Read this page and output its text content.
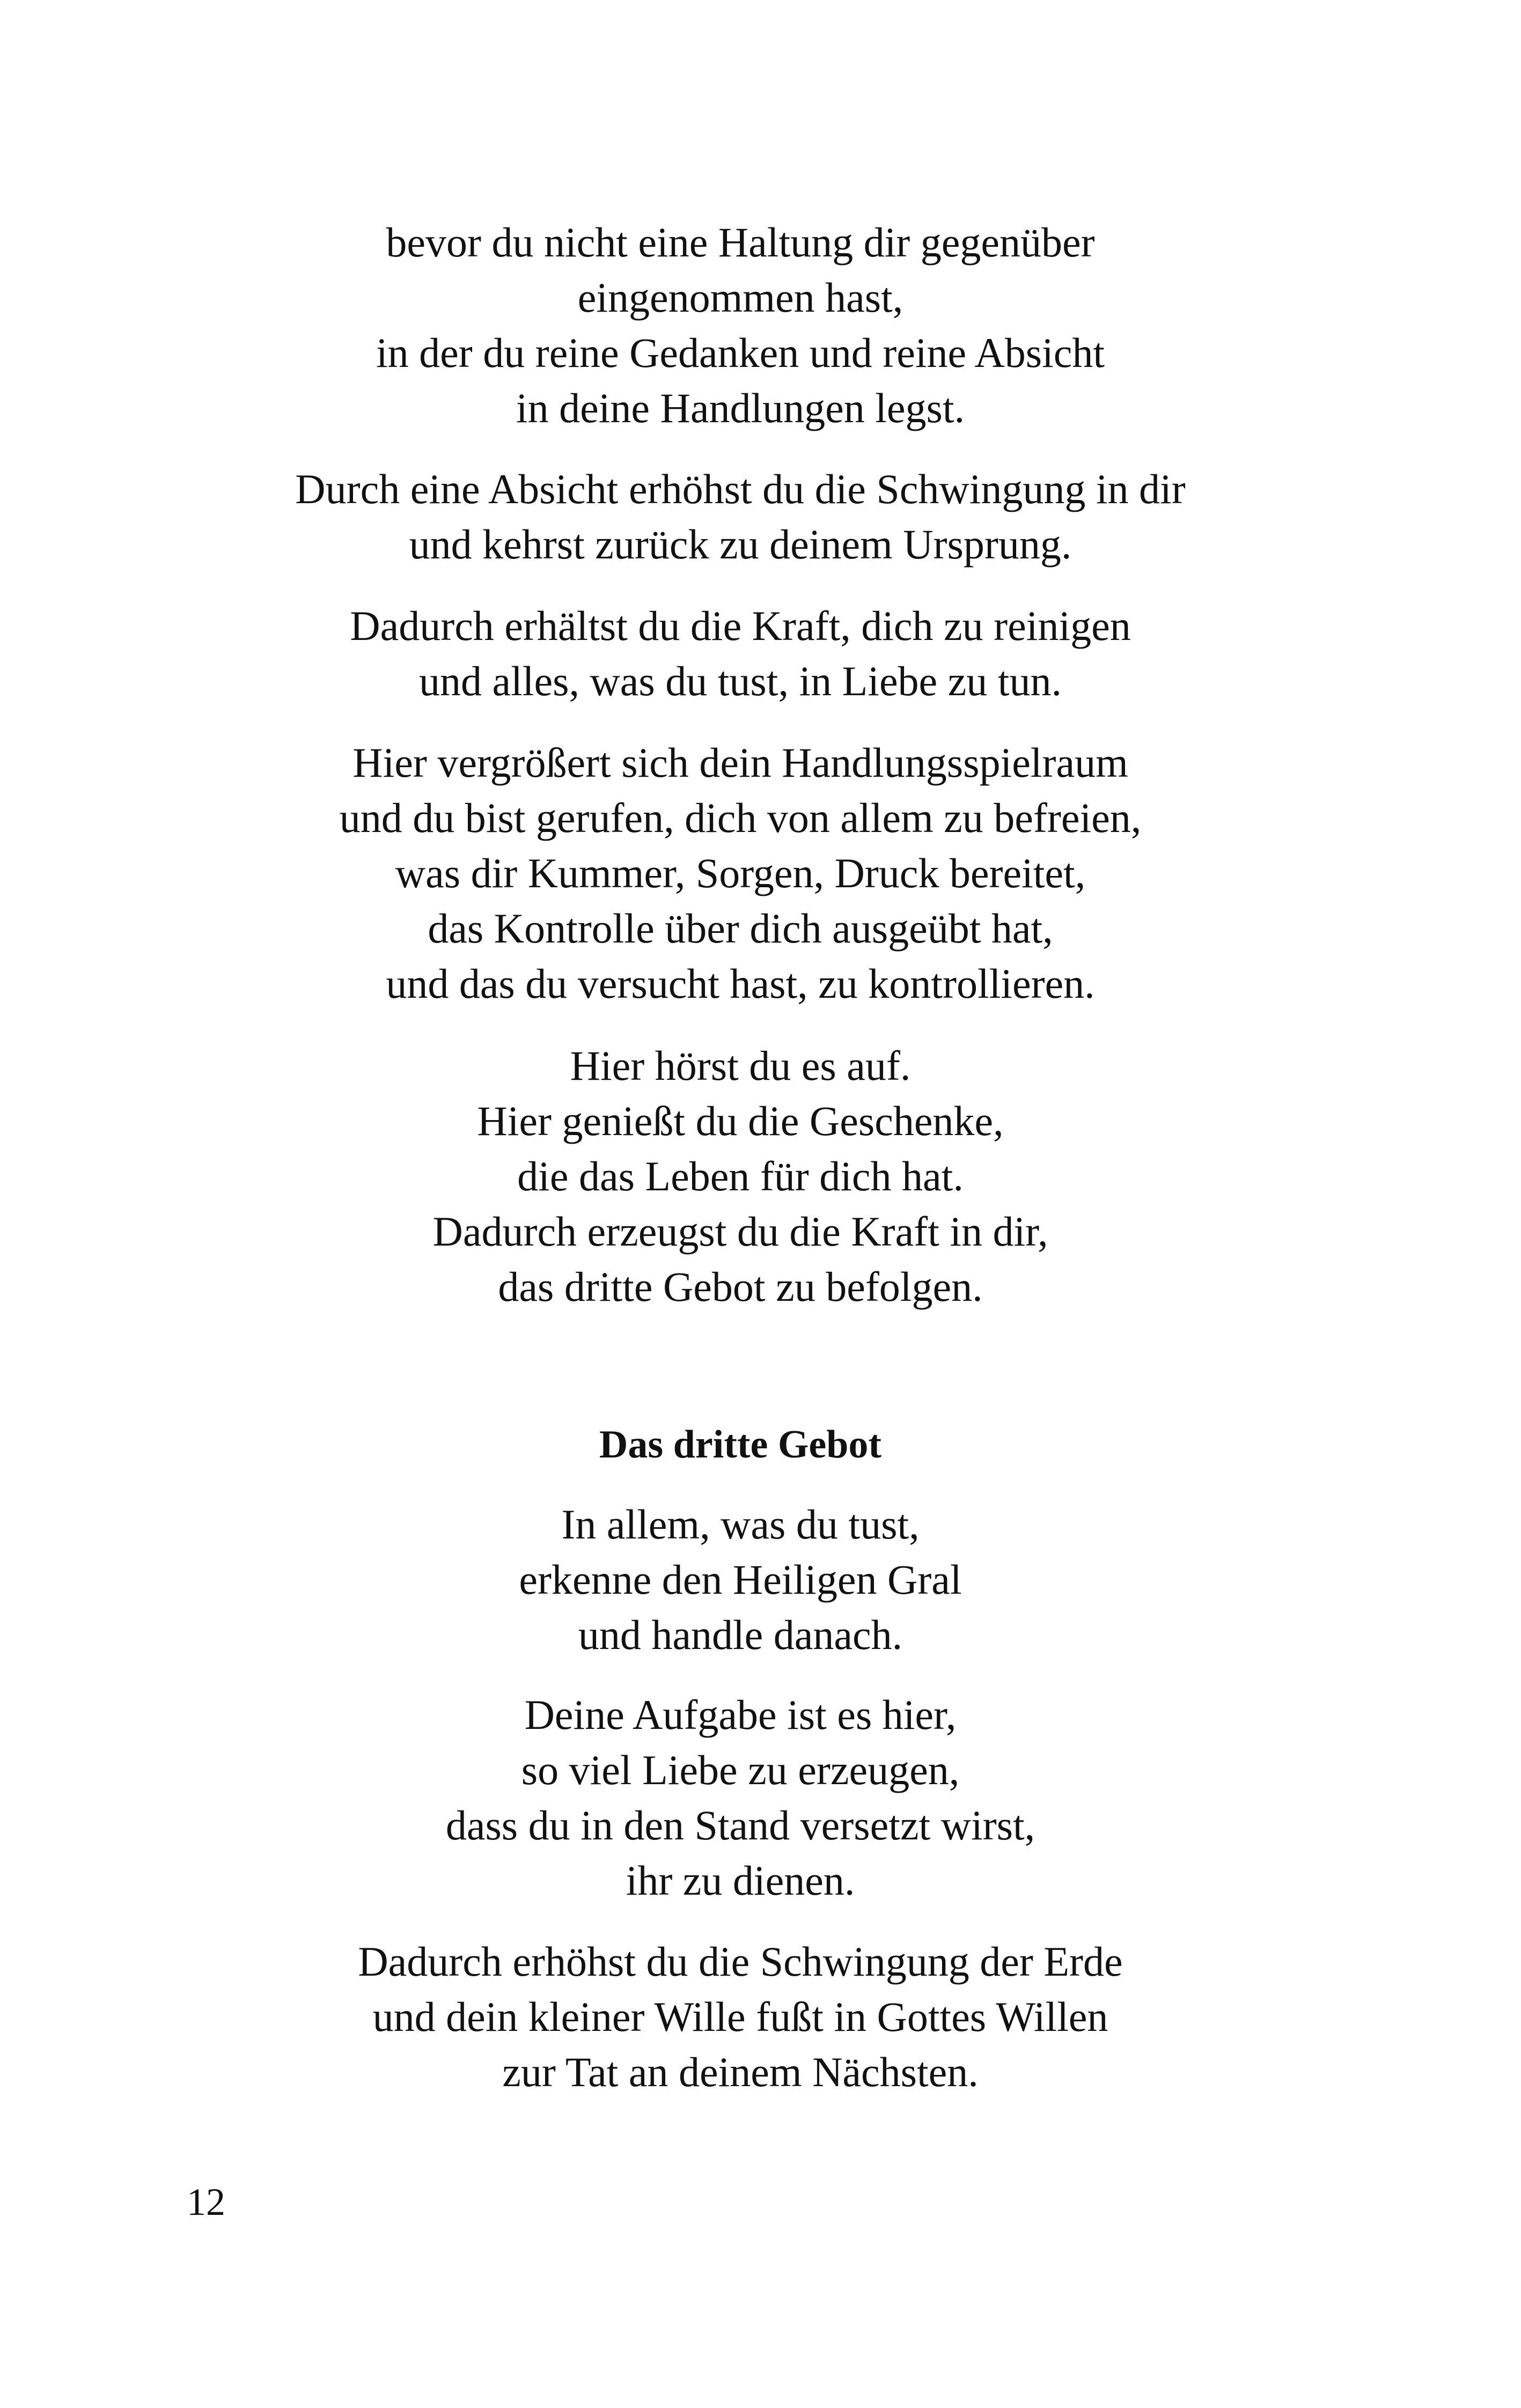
bevor du nicht eine Haltung dir gegenüber
eingenommen hast,
in der du reine Gedanken und reine Absicht
in deine Handlungen legst.
Durch eine Absicht erhöhst du die Schwingung in dir
und kehrst zurück zu deinem Ursprung.
Dadurch erhältst du die Kraft, dich zu reinigen
und alles, was du tust, in Liebe zu tun.
Hier vergrößert sich dein Handlungsspielraum
und du bist gerufen, dich von allem zu befreien,
was dir Kummer, Sorgen, Druck bereitet,
das Kontrolle über dich ausgeübt hat,
und das du versucht hast, zu kontrollieren.
Hier hörst du es auf.
Hier genießt du die Geschenke,
die das Leben für dich hat.
Dadurch erzeugst du die Kraft in dir,
das dritte Gebot zu befolgen.
Das dritte Gebot
In allem, was du tust,
erkenne den Heiligen Gral
und handle danach.
Deine Aufgabe ist es hier,
so viel Liebe zu erzeugen,
dass du in den Stand versetzt wirst,
ihr zu dienen.
Dadurch erhöhst du die Schwingung der Erde
und dein kleiner Wille fußt in Gottes Willen
zur Tat an deinem Nächsten.
12
